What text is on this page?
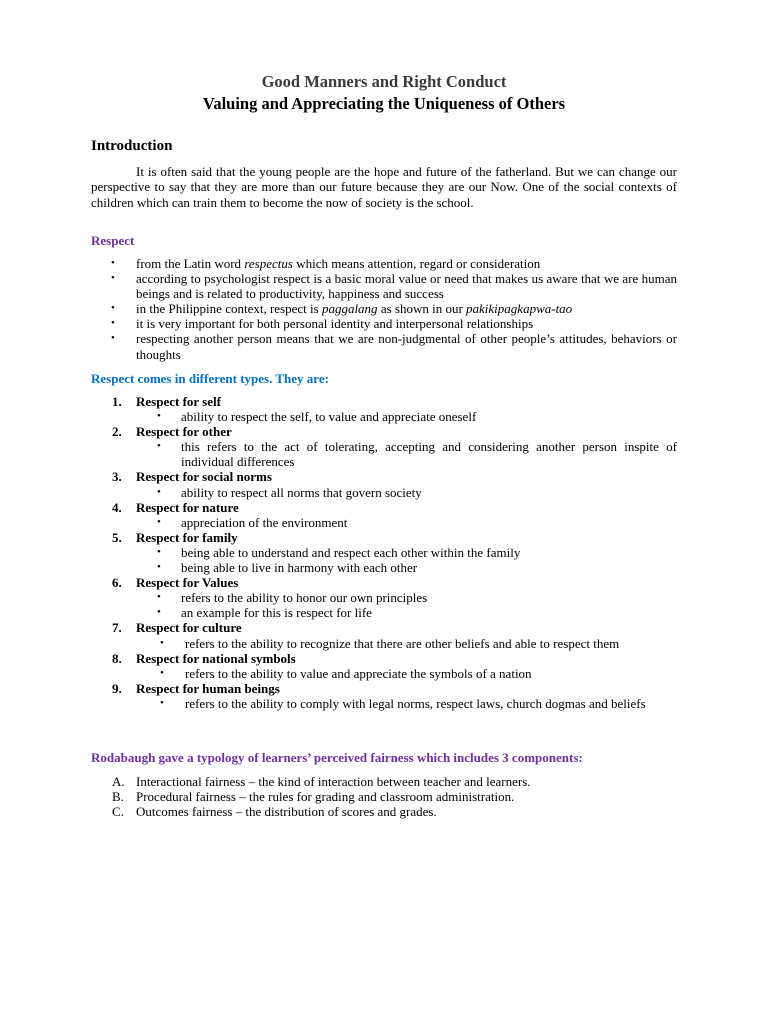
Good Manners and Right Conduct
Valuing and Appreciating the Uniqueness of Others
Introduction

It is often said that the young people are the hope and future of the fatherland. But we can change our perspective to say that they are more than our future because they are our Now. One of the social contexts of children which can train them to become the now of society is the school.

Respect
• from the Latin word respectus which means attention, regard or consideration
• according to psychologist respect is a basic moral value or need that makes us aware that we are human beings and is related to productivity, happiness and success
• in the Philippine context, respect is paggalang as shown in our pakikipagkapwa-tao
• it is very important for both personal identity and interpersonal relationships
• respecting another person means that we are non-judgmental of other people’s attitudes, behaviors or thoughts
Respect comes in different types. They are:
1. Respect for self
• ability to respect the self, to value and appreciate oneself
2. Respect for other
• this refers to the act of tolerating, accepting and considering another person inspite of individual differences
3. Respect for social norms
• ability to respect all norms that govern society
4. Respect for nature
• appreciation of the environment
5. Respect for family
• being able to understand and respect each other within the family
• being able to live in harmony with each other
6. Respect for Values
• refers to the ability to honor our own principles
• an example for this is respect for life
7. Respect for culture
• refers to the ability to recognize that there are other beliefs and able to respect them
8. Respect for national symbols
• refers to the ability to value and appreciate the symbols of a nation
9. Respect for human beings
• refers to the ability to comply with legal norms, respect laws, church dogmas and beliefs
Rodabaugh gave a typology of learners’ perceived fairness which includes 3 components:
A. Interactional fairness – the kind of interaction between teacher and learners.
B. Procedural fairness – the rules for grading and classroom administration.
C. Outcomes fairness – the distribution of scores and grades.
